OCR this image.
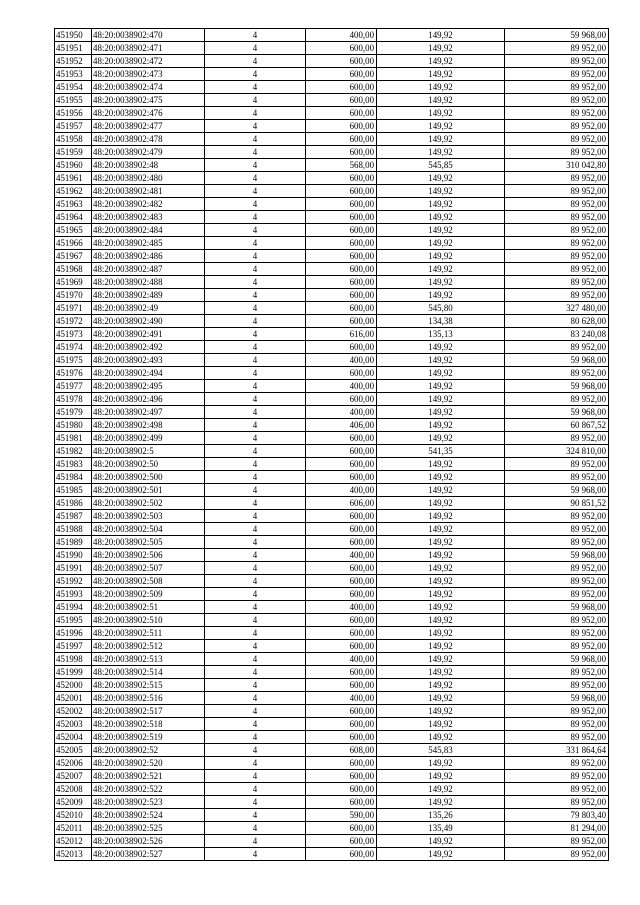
451950	48:20:0038902:470	4	400,00	149,92	59 968,00
451951	48:20:0038902:471	4	600,00	149,92	89 952,00
451952	48:20:0038902:472	4	600,00	149,92	89 952,00
451953	48:20:0038902:473	4	600,00	149,92	89 952,00
451954	48:20:0038902:474	4	600,00	149,92	89 952,00
451955	48:20:0038902:475	4	600,00	149,92	89 952,00
451956	48:20:0038902:476	4	600,00	149,92	89 952,00
451957	48:20:0038902:477	4	600,00	149,92	89 952,00
451958	48:20:0038902:478	4	600,00	149,92	89 952,00
451959	48:20:0038902:479	4	600,00	149,92	89 952,00
451960	48:20:0038902:48	4	568,00	545,85	310 042,80
451961	48:20:0038902:480	4	600,00	149,92	89 952,00
451962	48:20:0038902:481	4	600,00	149,92	89 952,00
451963	48:20:0038902:482	4	600,00	149,92	89 952,00
451964	48:20:0038902:483	4	600,00	149,92	89 952,00
451965	48:20:0038902:484	4	600,00	149,92	89 952,00
451966	48:20:0038902:485	4	600,00	149,92	89 952,00
451967	48:20:0038902:486	4	600,00	149,92	89 952,00
451968	48:20:0038902:487	4	600,00	149,92	89 952,00
451969	48:20:0038902:488	4	600,00	149,92	89 952,00
451970	48:20:0038902:489	4	600,00	149,92	89 952,00
451971	48:20:0038902:49	4	600,00	545,80	327 480,00
451972	48:20:0038902:490	4	600,00	134,38	80 628,00
451973	48:20:0038902:491	4	616,00	135,13	83 240,08
451974	48:20:0038902:492	4	600,00	149,92	89 952,00
451975	48:20:0038902:493	4	400,00	149,92	59 968,00
451976	48:20:0038902:494	4	600,00	149,92	89 952,00
451977	48:20:0038902:495	4	400,00	149,92	59 968,00
451978	48:20:0038902:496	4	600,00	149,92	89 952,00
451979	48:20:0038902:497	4	400,00	149,92	59 968,00
451980	48:20:0038902:498	4	406,00	149,92	60 867,52
451981	48:20:0038902:499	4	600,00	149,92	89 952,00
451982	48:20:0038902:5	4	600,00	541,35	324 810,00
451983	48:20:0038902:50	4	600,00	149,92	89 952,00
451984	48:20:0038902:500	4	600,00	149,92	89 952,00
451985	48:20:0038902:501	4	400,00	149,92	59 968,00
451986	48:20:0038902:502	4	606,00	149,92	90 851,52
451987	48:20:0038902:503	4	600,00	149,92	89 952,00
451988	48:20:0038902:504	4	600,00	149,92	89 952,00
451989	48:20:0038902:505	4	600,00	149,92	89 952,00
451990	48:20:0038902:506	4	400,00	149,92	59 968,00
451991	48:20:0038902:507	4	600,00	149,92	89 952,00
451992	48:20:0038902:508	4	600,00	149,92	89 952,00
451993	48:20:0038902:509	4	600,00	149,92	89 952,00
451994	48:20:0038902:51	4	400,00	149,92	59 968,00
451995	48:20:0038902:510	4	600,00	149,92	89 952,00
451996	48:20:0038902:511	4	600,00	149,92	89 952,00
451997	48:20:0038902:512	4	600,00	149,92	89 952,00
451998	48:20:0038902:513	4	400,00	149,92	59 968,00
451999	48:20:0038902:514	4	600,00	149,92	89 952,00
452000	48:20:0038902:515	4	600,00	149,92	89 952,00
452001	48:20:0038902:516	4	400,00	149,92	59 968,00
452002	48:20:0038902:517	4	600,00	149,92	89 952,00
452003	48:20:0038902:518	4	600,00	149,92	89 952,00
452004	48:20:0038902:519	4	600,00	149,92	89 952,00
452005	48:20:0038902:52	4	608,00	545,83	331 864,64
452006	48:20:0038902:520	4	600,00	149,92	89 952,00
452007	48:20:0038902:521	4	600,00	149,92	89 952,00
452008	48:20:0038902:522	4	600,00	149,92	89 952,00
452009	48:20:0038902:523	4	600,00	149,92	89 952,00
452010	48:20:0038902:524	4	590,00	135,26	79 803,40
452011	48:20:0038902:525	4	600,00	135,49	81 294,00
452012	48:20:0038902:526	4	600,00	149,92	89 952,00
452013	48:20:0038902:527	4	600,00	149,92	89 952,00
